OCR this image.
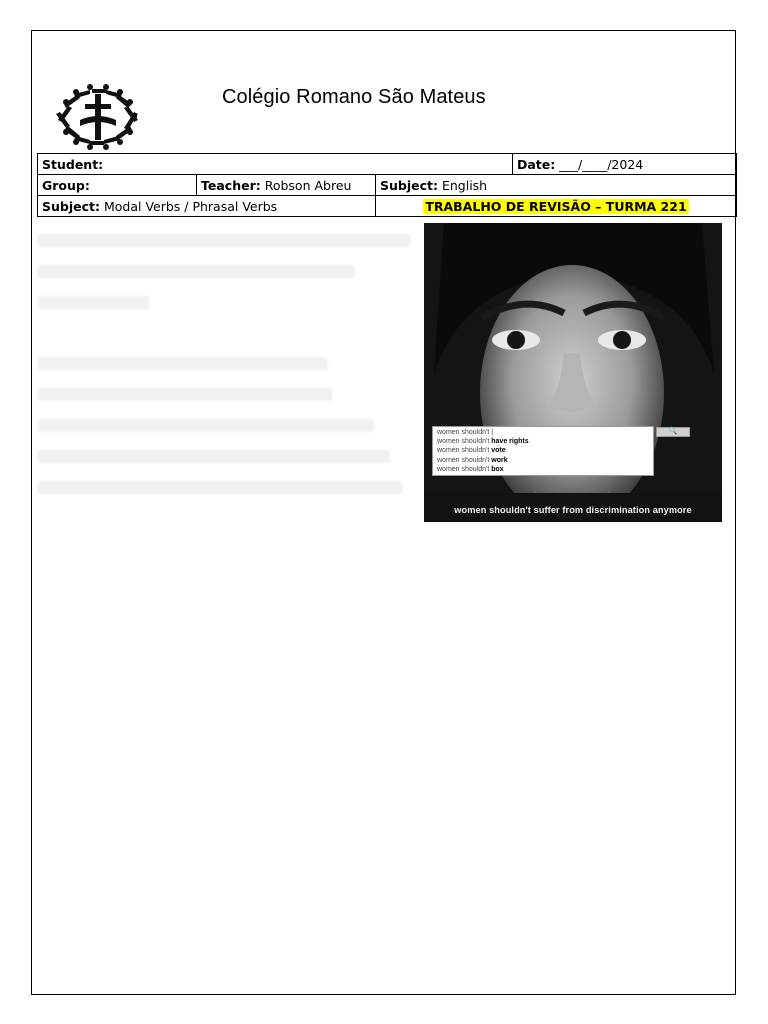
Colégio Romano São Mateus
Student:			Date: ___/____/2024
Group:	Teacher: Robson Abreu	Subject: English	
Subject: Modal Verbs / Phrasal Verbs		TRABALHO DE REVISÃO – TURMA 221	
women shouldn't |
women shouldn't have rights
women shouldn't vote
women shouldn't work
women shouldn't box
🔍
women shouldn't suffer from discrimination anymore
